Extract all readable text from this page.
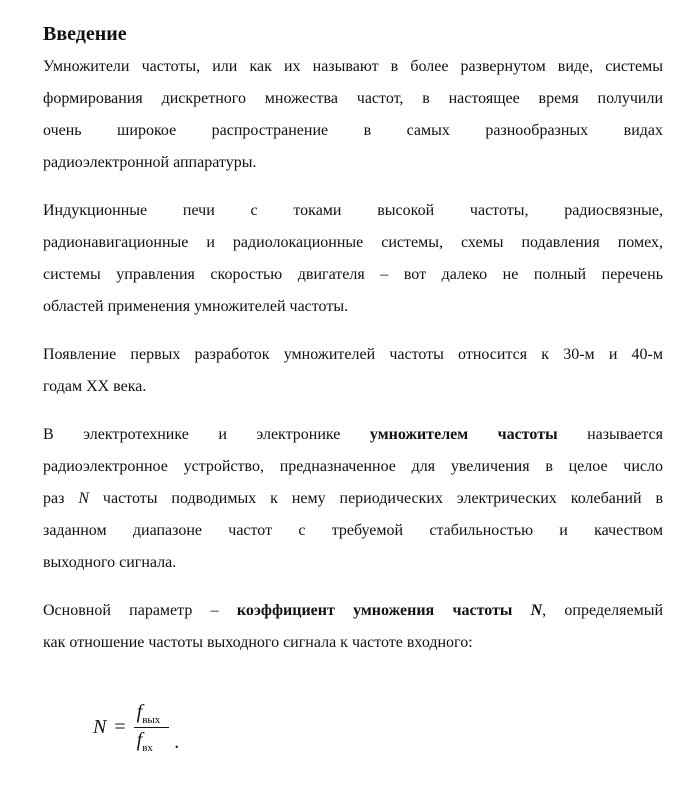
Введение

Умножители частоты, или как их называют в более развернутом виде, системы
формирования дискретного множества частот, в настоящее время получили
очень широкое распространение в самых разнообразных видах
радиоэлектронной аппаратуры.

Индукционные печи с токами высокой частоты, радиосвязные,
радионавигационные и радиолокационные системы, схемы подавления помех,
системы управления скоростью двигателя – вот далеко не полный перечень
областей применения умножителей частоты.

Появление первых разработок умножителей частоты относится к 30-м и 40-м
годам XX века.

В электротехнике и электронике умножителем частоты называется
радиоэлектронное устройство, предназначенное для увеличения в целое число
раз N частоты подводимых к нему периодических электрических колебаний в
заданном диапазоне частот с требуемой стабильностью и качеством
выходного сигнала.

Основной параметр – коэффициент умножения частоты N, определяемый
как отношение частоты выходного сигнала к частоте входного:

$N = \frac{f_{вых}}{f_{вх}}$ .
